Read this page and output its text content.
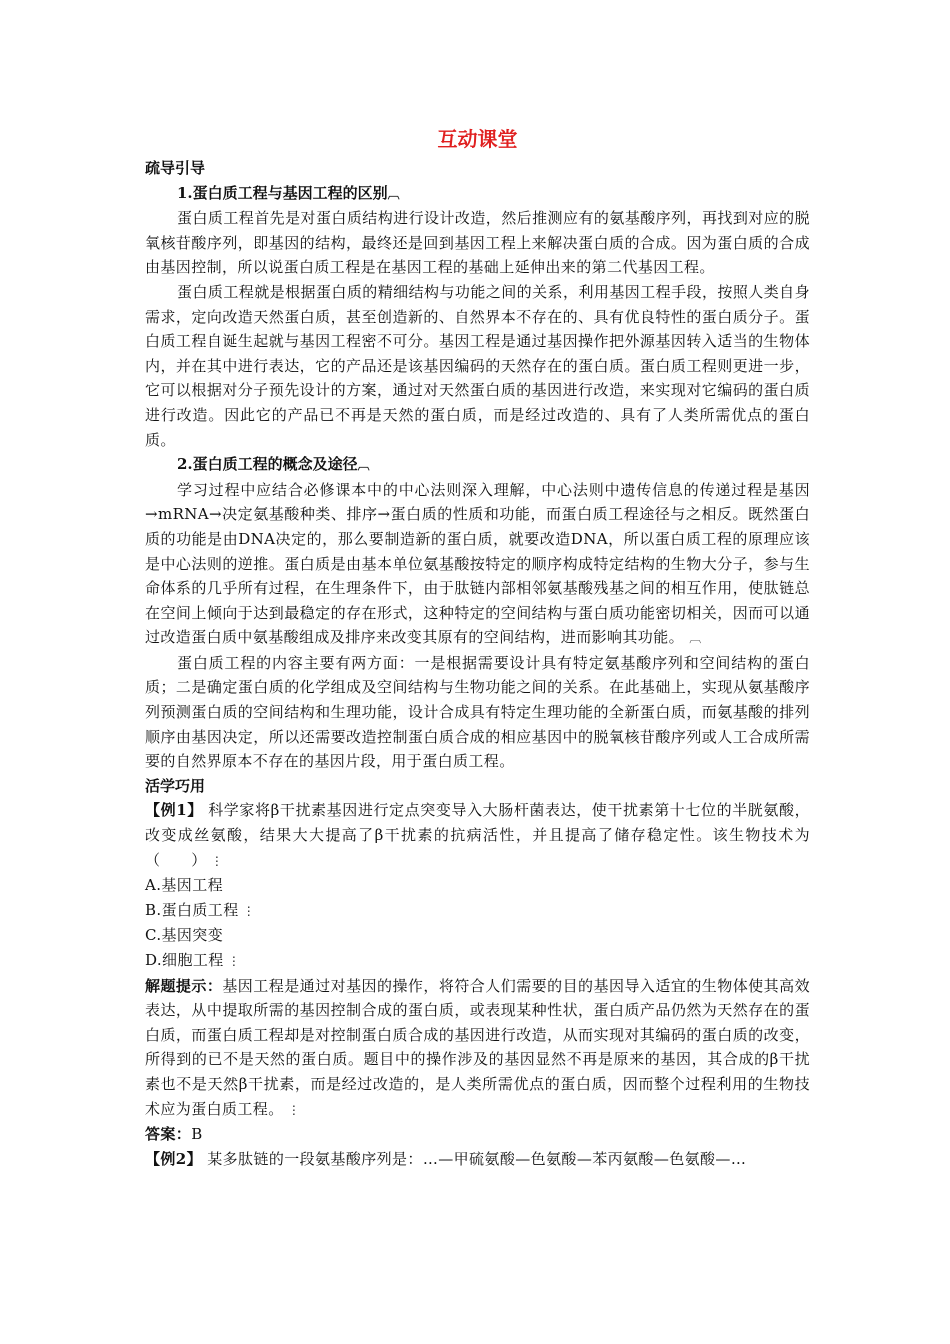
互动课堂

疏导引导

1.蛋白质工程与基因工程的区别︹

蛋白质工程首先是对蛋白质结构进行设计改造，然后推测应有的氨基酸序列，再找到对应的脱氧核苷酸序列，即基因的结构，最终还是回到基因工程上来解决蛋白质的合成。因为蛋白质的合成由基因控制，所以说蛋白质工程是在基因工程的基础上延伸出来的第二代基因工程。

蛋白质工程就是根据蛋白质的精细结构与功能之间的关系，利用基因工程手段，按照人类自身需求，定向改造天然蛋白质，甚至创造新的、自然界本不存在的、具有优良特性的蛋白质分子。蛋白质工程自诞生起就与基因工程密不可分。基因工程是通过基因操作把外源基因转入适当的生物体内，并在其中进行表达，它的产品还是该基因编码的天然存在的蛋白质。蛋白质工程则更进一步，它可以根据对分子预先设计的方案，通过对天然蛋白质的基因进行改造，来实现对它编码的蛋白质进行改造。因此它的产品已不再是天然的蛋白质，而是经过改造的、具有了人类所需优点的蛋白质。

2.蛋白质工程的概念及途径︹

学习过程中应结合必修课本中的中心法则深入理解，中心法则中遗传信息的传递过程是基因→mRNA→决定氨基酸种类、排序→蛋白质的性质和功能，而蛋白质工程途径与之相反。既然蛋白质的功能是由DNA决定的，那么要制造新的蛋白质，就要改造DNA，所以蛋白质工程的原理应该是中心法则的逆推。蛋白质是由基本单位氨基酸按特定的顺序构成特定结构的生物大分子，参与生命体系的几乎所有过程，在生理条件下，由于肽链内部相邻氨基酸残基之间的相互作用，使肽链总在空间上倾向于达到最稳定的存在形式，这种特定的空间结构与蛋白质功能密切相关，因而可以通过改造蛋白质中氨基酸组成及排序来改变其原有的空间结构，进而影响其功能。 ︹

蛋白质工程的内容主要有两方面：一是根据需要设计具有特定氨基酸序列和空间结构的蛋白质；二是确定蛋白质的化学组成及空间结构与生物功能之间的关系。在此基础上，实现从氨基酸序列预测蛋白质的空间结构和生理功能，设计合成具有特定生理功能的全新蛋白质，而氨基酸的排列顺序由基因决定，所以还需要改造控制蛋白质合成的相应基因中的脱氧核苷酸序列或人工合成所需要的自然界原本不存在的基因片段，用于蛋白质工程。

活学巧用

【例1】 科学家将β干扰素基因进行定点突变导入大肠杆菌表达，使干扰素第十七位的半胱氨酸，改变成丝氨酸，结果大大提高了β干扰素的抗病活性，并且提高了储存稳定性。该生物技术为（　　） ⋮

A.基因工程

B.蛋白质工程 ⋮

C.基因突变

D.细胞工程 ⋮

解题提示：基因工程是通过对基因的操作，将符合人们需要的目的基因导入适宜的生物体使其高效表达，从中提取所需的基因控制合成的蛋白质，或表现某种性状，蛋白质产品仍然为天然存在的蛋白质，而蛋白质工程却是对控制蛋白质合成的基因进行改造，从而实现对其编码的蛋白质的改变，所得到的已不是天然的蛋白质。题目中的操作涉及的基因显然不再是原来的基因，其合成的β干扰素也不是天然β干扰素，而是经过改造的，是人类所需优点的蛋白质，因而整个过程利用的生物技术应为蛋白质工程。 ⋮

答案：B

【例2】 某多肽链的一段氨基酸序列是：…—甲硫氨酸—色氨酸—苯丙氨酸—色氨酸—…
